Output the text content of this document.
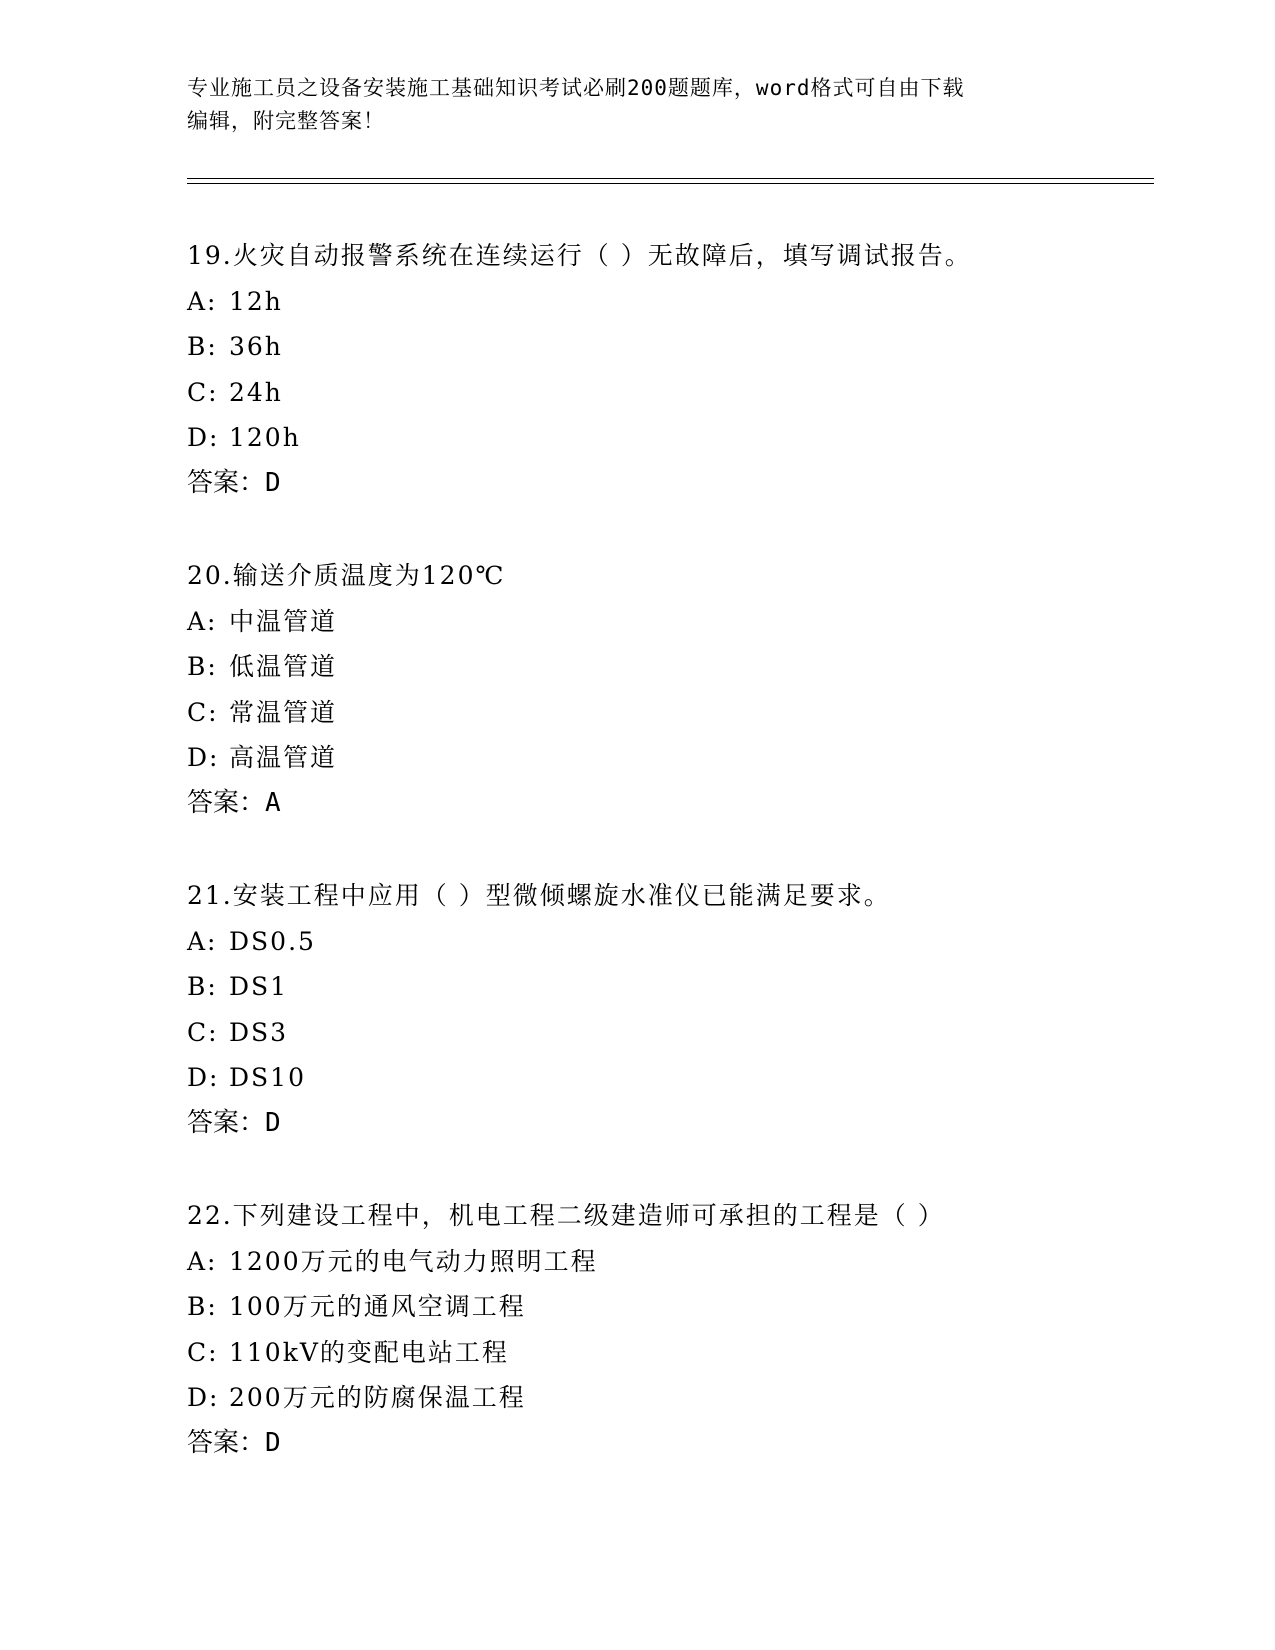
专业施工员之设备安装施工基础知识考试必刷200题题库，word格式可自由下载
编辑，附完整答案！
19.火灾自动报警系统在连续运行（ ）无故障后，填写调试报告。
A: 12h
B: 36h
C: 24h
D: 120h
答案：D
20.输送介质温度为120℃
A: 中温管道
B: 低温管道
C: 常温管道
D: 高温管道
答案：A
21.安装工程中应用（ ）型微倾螺旋水准仪已能满足要求。
A: DS0.5
B: DS1
C: DS3
D: DS10
答案：D
22.下列建设工程中，机电工程二级建造师可承担的工程是（ ）
A: 1200万元的电气动力照明工程
B: 100万元的通风空调工程
C: 110kV的变配电站工程
D: 200万元的防腐保温工程
答案：D
